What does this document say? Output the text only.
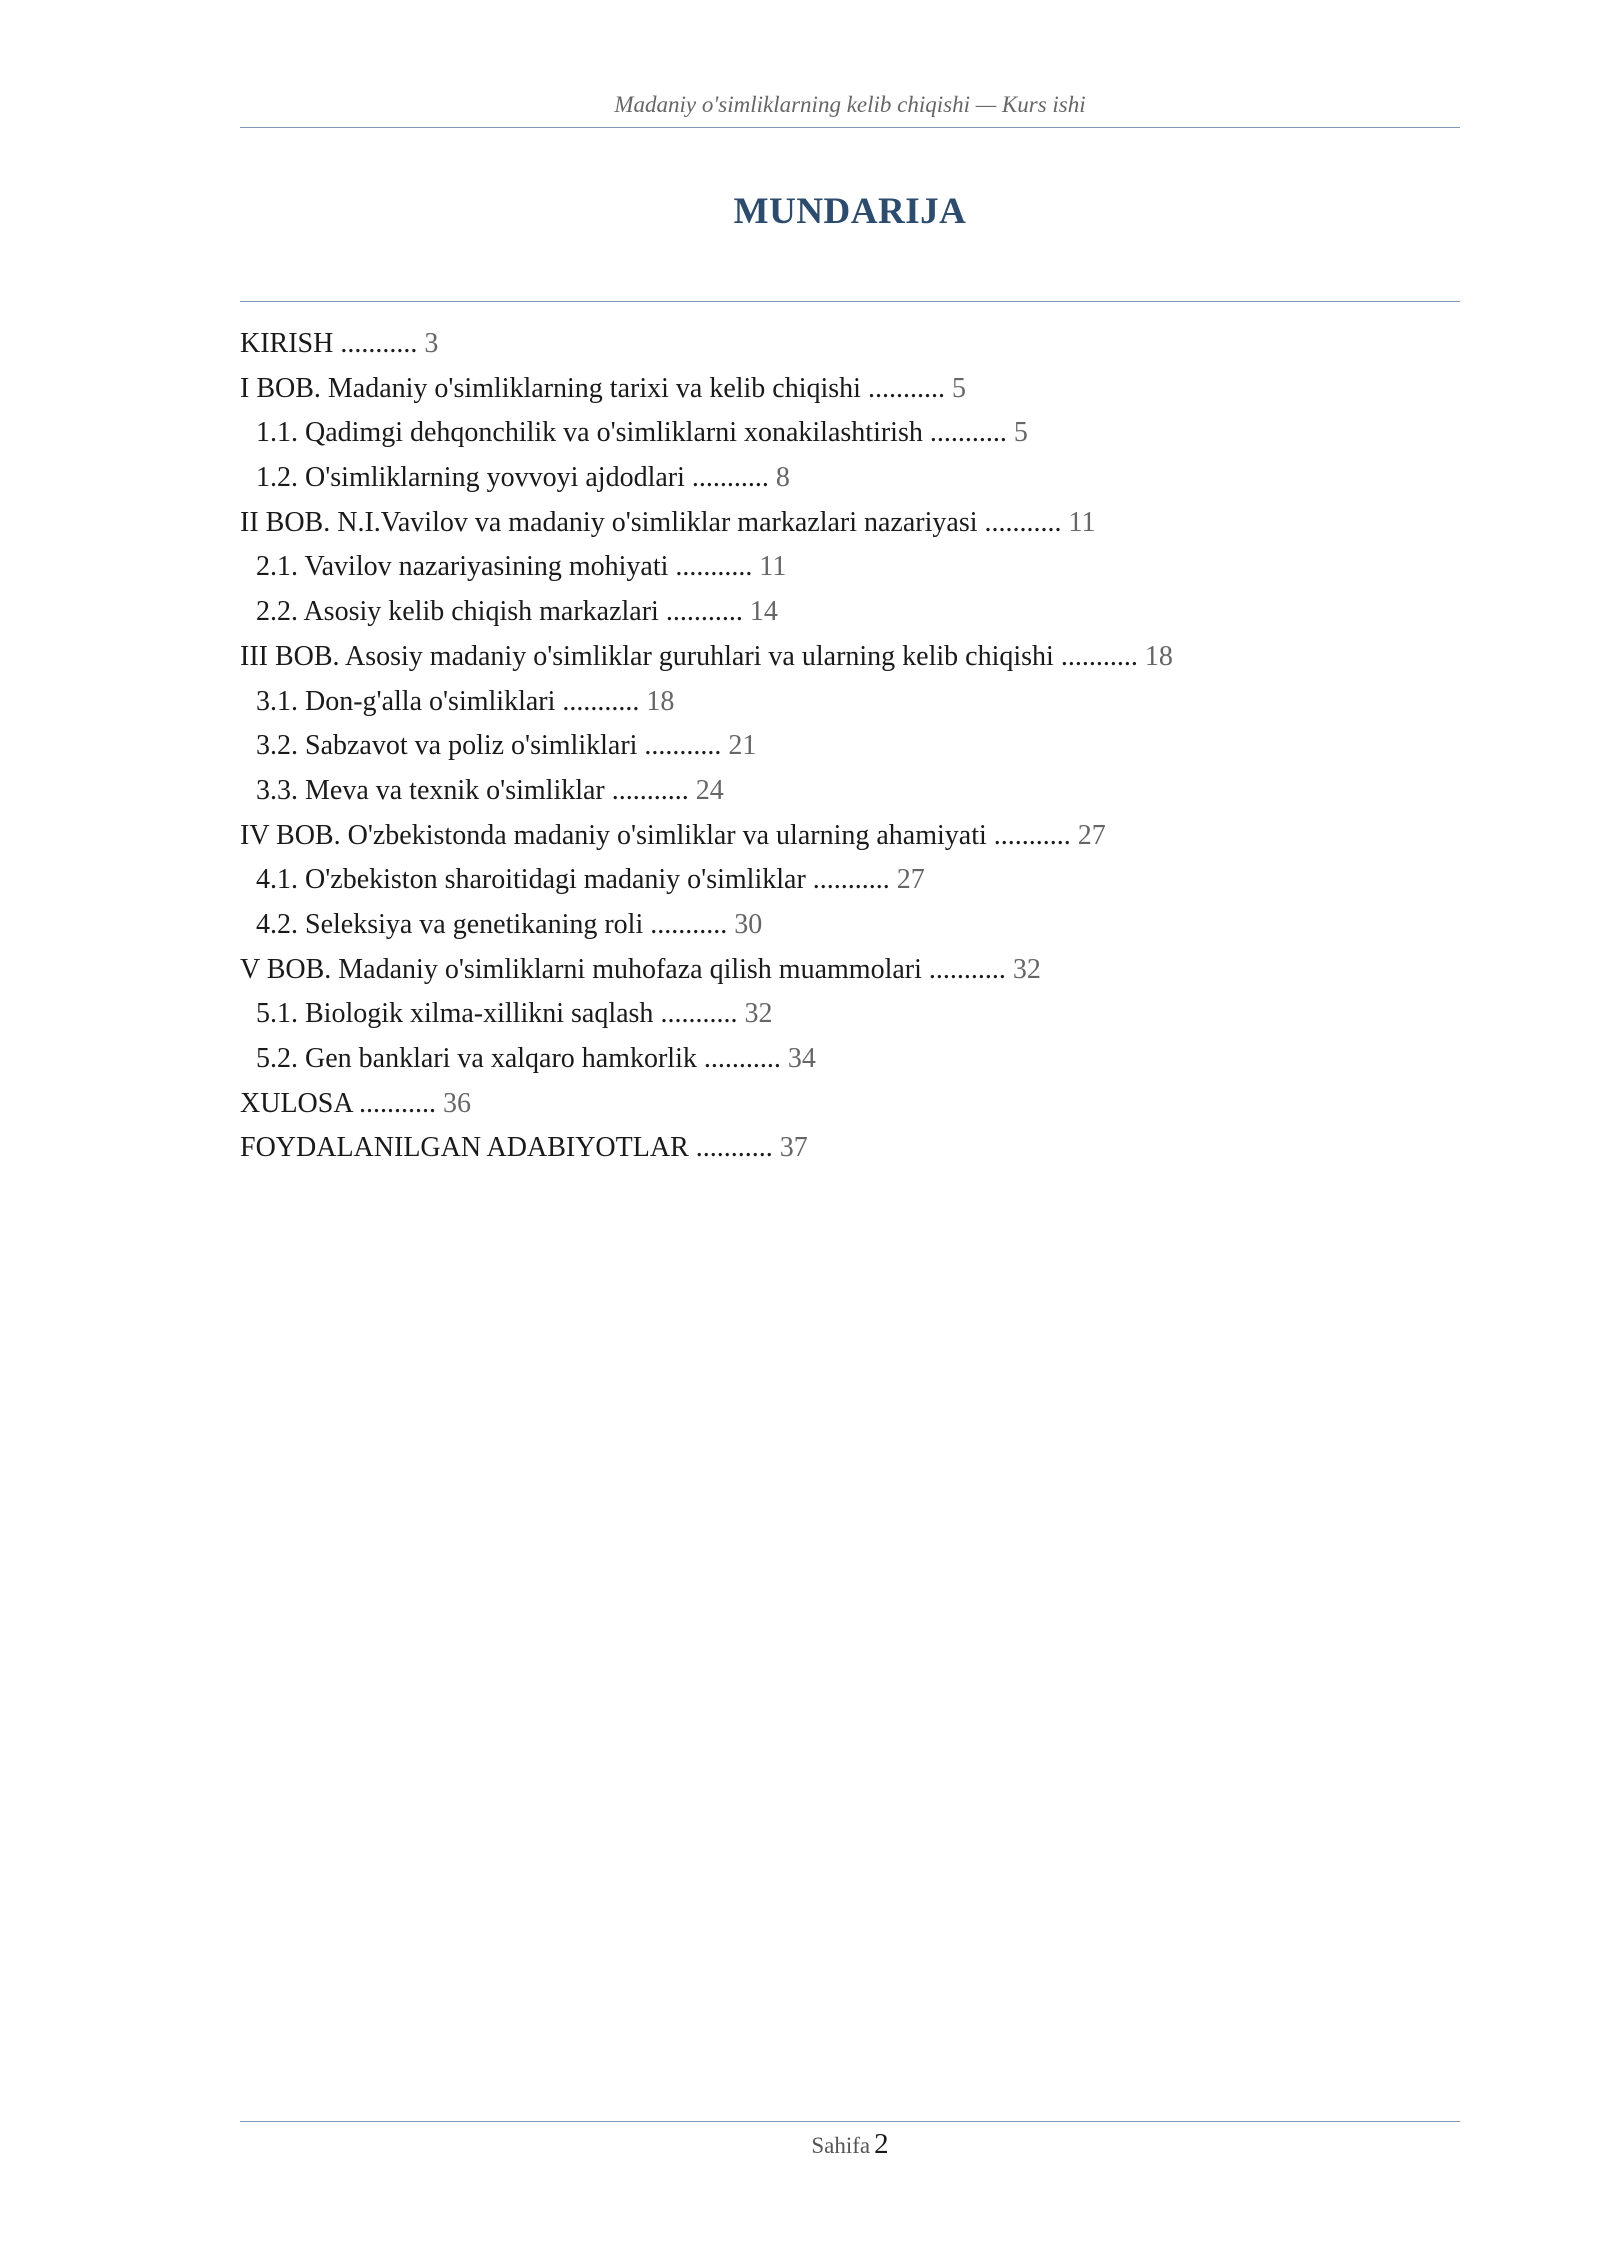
Madaniy o'simliklarning kelib chiqishi — Kurs ishi
MUNDARIJA
KIRISH ........... 3
I BOB. Madaniy o'simliklarning tarixi va kelib chiqishi ........... 5
1.1. Qadimgi dehqonchilik va o'simliklarni xonakilashtirish ........... 5
1.2. O'simliklarning yovvoyi ajdodlari ........... 8
II BOB. N.I.Vavilov va madaniy o'simliklar markazlari nazariyasi ........... 11
2.1. Vavilov nazariyasining mohiyati ........... 11
2.2. Asosiy kelib chiqish markazlari ........... 14
III BOB. Asosiy madaniy o'simliklar guruhlari va ularning kelib chiqishi ........... 18
3.1. Don-g'alla o'simliklari ........... 18
3.2. Sabzavot va poliz o'simliklari ........... 21
3.3. Meva va texnik o'simliklar ........... 24
IV BOB. O'zbekistonda madaniy o'simliklar va ularning ahamiyati ........... 27
4.1. O'zbekiston sharoitidagi madaniy o'simliklar ........... 27
4.2. Seleksiya va genetikaning roli ........... 30
V BOB. Madaniy o'simliklarni muhofaza qilish muammolari ........... 32
5.1. Biologik xilma-xillikni saqlash ........... 32
5.2. Gen banklari va xalqaro hamkorlik ........... 34
XULOSA ........... 36
FOYDALANILGAN ADABIYOTLAR ........... 37
Sahifa 2
